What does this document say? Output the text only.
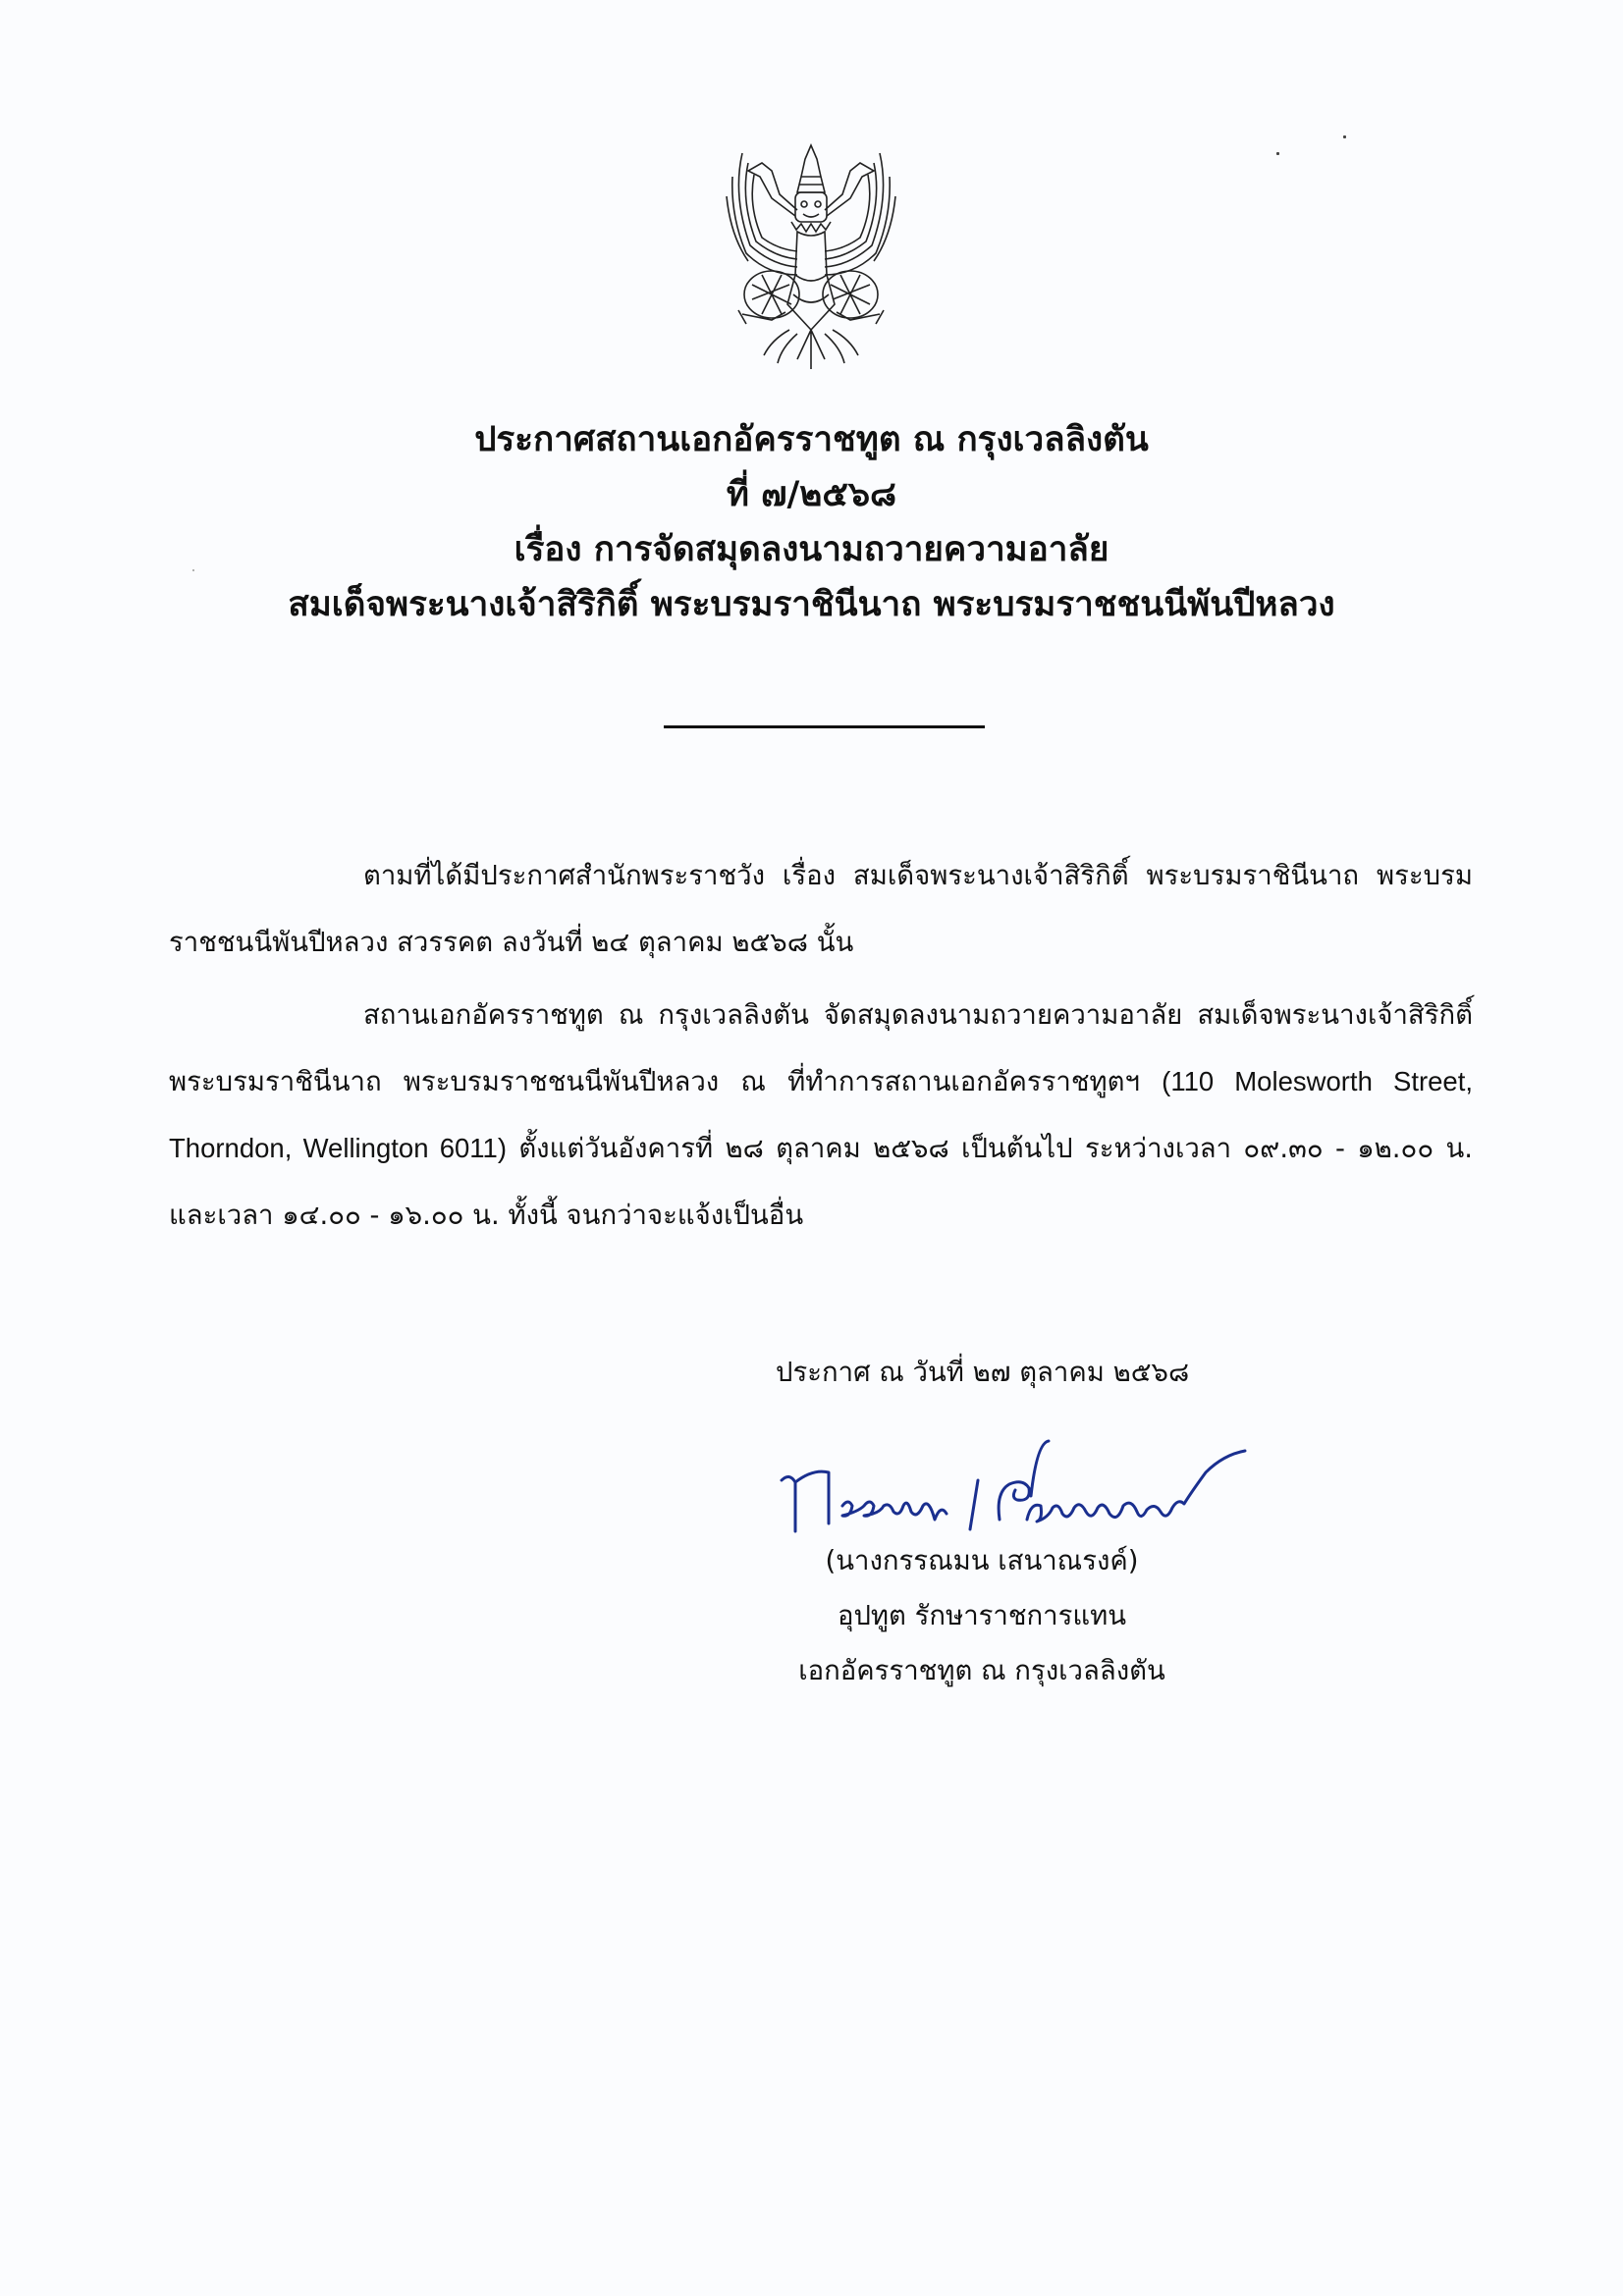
ประกาศสถานเอกอัครราชทูต ณ กรุงเวลลิงตัน
ที่ ๗/๒๕๖๘
เรื่อง การจัดสมุดลงนามถวายความอาลัย
สมเด็จพระนางเจ้าสิริกิติ์ พระบรมราชินีนาถ พระบรมราชชนนีพันปีหลวง

ตามที่ได้มีประกาศสำนักพระราชวัง เรื่อง สมเด็จพระนางเจ้าสิริกิติ์ พระบรมราชินีนาถ พระบรมราชชนนีพันปีหลวง สวรรคต ลงวันที่ ๒๔ ตุลาคม ๒๕๖๘ นั้น

สถานเอกอัครราชทูต ณ กรุงเวลลิงตัน จัดสมุดลงนามถวายความอาลัย สมเด็จพระนางเจ้าสิริกิติ์ พระบรมราชินีนาถ พระบรมราชชนนีพันปีหลวง ณ ที่ทำการสถานเอกอัครราชทูตฯ (110 Molesworth Street, Thorndon, Wellington 6011) ตั้งแต่วันอังคารที่ ๒๘ ตุลาคม ๒๕๖๘ เป็นต้นไป ระหว่างเวลา ๐๙.๓๐ - ๑๒.๐๐ น. และเวลา ๑๔.๐๐ - ๑๖.๐๐ น. ทั้งนี้ จนกว่าจะแจ้งเป็นอื่น

ประกาศ ณ วันที่ ๒๗ ตุลาคม ๒๕๖๘
(นางกรรณมน เสนาณรงค์)
อุปทูต รักษาราชการแทน
เอกอัครราชทูต ณ กรุงเวลลิงตัน
